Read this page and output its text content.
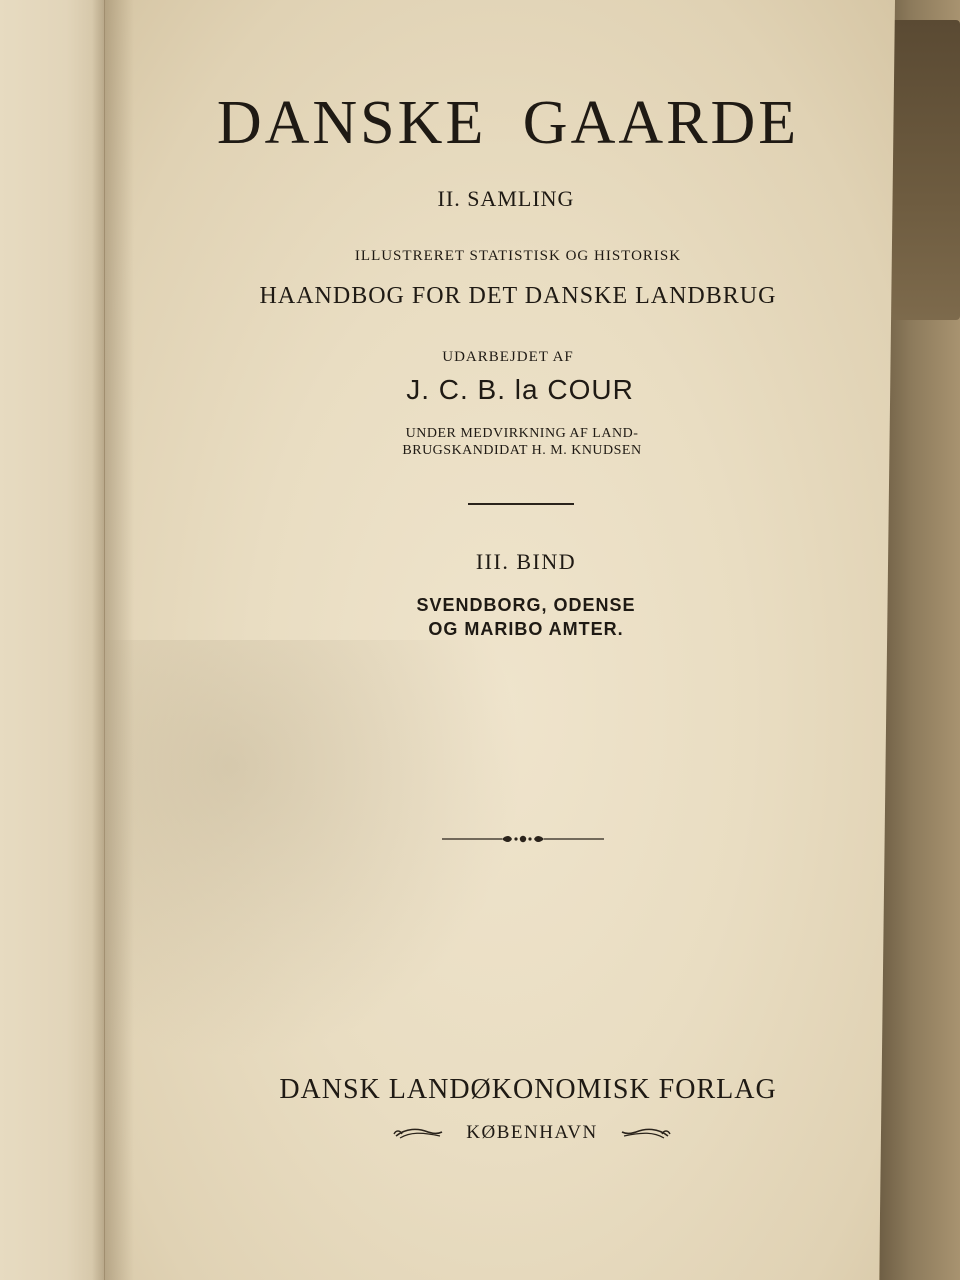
DANSKE GAARDE
II. SAMLING
ILLUSTRERET STATISTISK OG HISTORISK
HAANDBOG FOR DET DANSKE LANDBRUG
UDARBEJDET AF
J. C. B. la COUR
UNDER MEDVIRKNING AF LAND-
BRUGSKANDIDAT H. M. KNUDSEN
III. BIND
SVENDBORG, ODENSE
OG MARIBO AMTER.
DANSK LANDØKONOMISK FORLAG
KØBENHAVN
